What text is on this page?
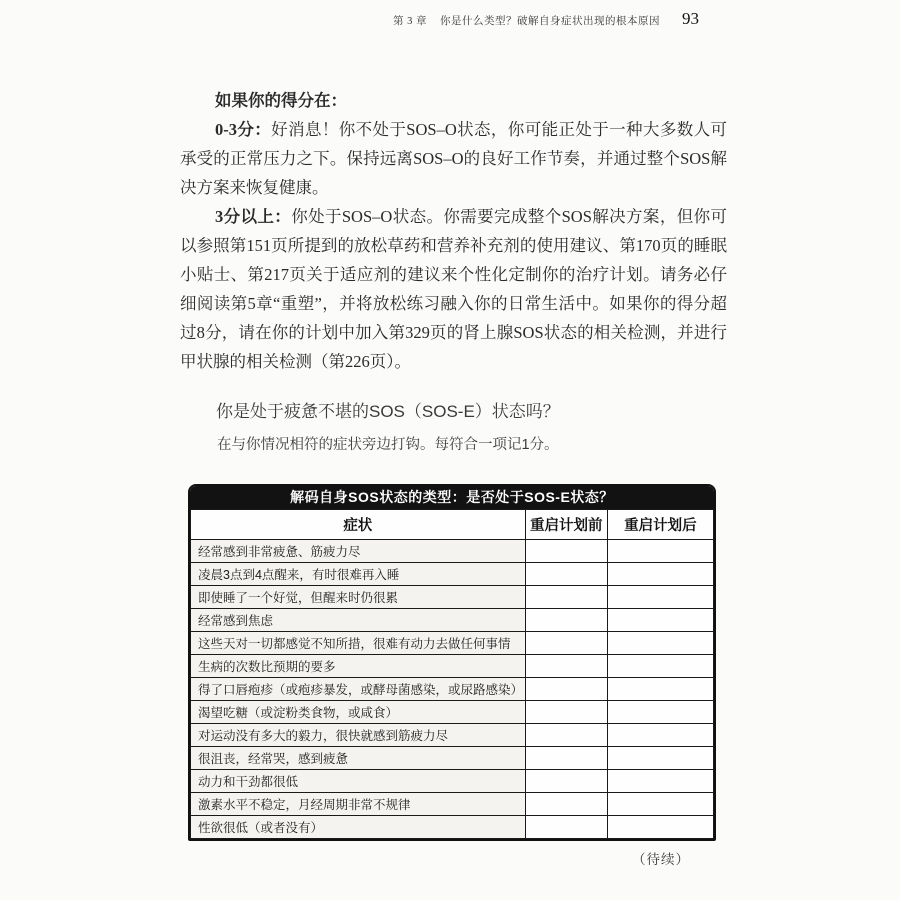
第 3 章 你是什么类型？破解自身症状出现的根本原因 93

如果你的得分在：

0-3分：好消息！你不处于SOS–O状态，你可能正处于一种大多数人可承受的正常压力之下。保持远离SOS–O的良好工作节奏，并通过整个SOS解决方案来恢复健康。

3分以上：你处于SOS–O状态。你需要完成整个SOS解决方案，但你可以参照第151页所提到的放松草药和营养补充剂的使用建议、第170页的睡眠小贴士、第217页关于适应剂的建议来个性化定制你的治疗计划。请务必仔细阅读第5章“重塑”，并将放松练习融入你的日常生活中。如果你的得分超过8分，请在你的计划中加入第329页的肾上腺SOS状态的相关检测，并进行甲状腺的相关检测（第226页）。

你是处于疲惫不堪的SOS（SOS-E）状态吗？

在与你情况相符的症状旁边打钩。每符合一项记1分。

解码自身SOS状态的类型：是否处于SOS-E状态？
症状	重启计划前	重启计划后
经常感到非常疲惫、筋疲力尽		
凌晨3点到4点醒来，有时很难再入睡		
即使睡了一个好觉，但醒来时仍很累		
经常感到焦虑		
这些天对一切都感觉不知所措，很难有动力去做任何事情		
生病的次数比预期的要多		
得了口唇疱疹（或疱疹暴发，或酵母菌感染，或尿路感染）		
渴望吃糖（或淀粉类食物，或咸食）		
对运动没有多大的毅力，很快就感到筋疲力尽		
很沮丧，经常哭，感到疲惫		
动力和干劲都很低		
激素水平不稳定，月经周期非常不规律		
性欲很低（或者没有）		
（待续）
